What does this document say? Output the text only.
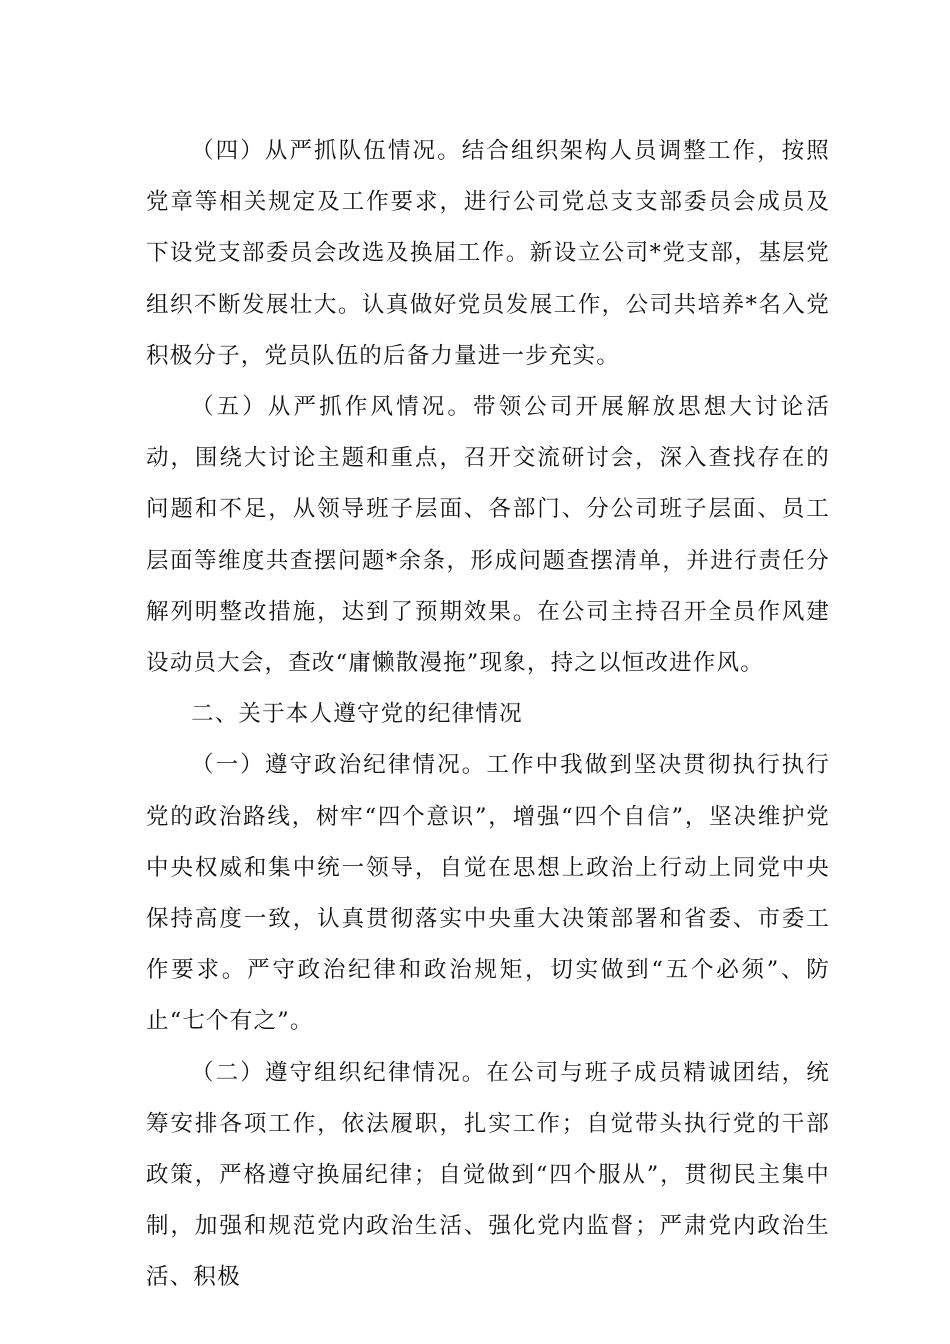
（四）从严抓队伍情况。结合组织架构人员调整工作，按照党章等相关规定及工作要求，进行公司党总支支部委员会成员及下设党支部委员会改选及换届工作。新设立公司*党支部，基层党组织不断发展壮大。认真做好党员发展工作，公司共培养*名入党积极分子，党员队伍的后备力量进一步充实。

（五）从严抓作风情况。带领公司开展解放思想大讨论活动，围绕大讨论主题和重点，召开交流研讨会，深入查找存在的问题和不足，从领导班子层面、各部门、分公司班子层面、员工层面等维度共查摆问题*余条，形成问题查摆清单，并进行责任分解列明整改措施，达到了预期效果。在公司主持召开全员作风建设动员大会，查改“庸懒散漫拖”现象，持之以恒改进作风。

二、关于本人遵守党的纪律情况

（一）遵守政治纪律情况。工作中我做到坚决贯彻执行执行党的政治路线，树牢“四个意识”，增强“四个自信”，坚决维护党中央权威和集中统一领导，自觉在思想上政治上行动上同党中央保持高度一致，认真贯彻落实中央重大决策部署和省委、市委工作要求。严守政治纪律和政治规矩，切实做到“五个必须”、防止“七个有之”。

（二）遵守组织纪律情况。在公司与班子成员精诚团结，统筹安排各项工作，依法履职，扎实工作；自觉带头执行党的干部政策，严格遵守换届纪律；自觉做到“四个服从”，贯彻民主集中制，加强和规范党内政治生活、强化党内监督；严肃党内政治生活、积极
